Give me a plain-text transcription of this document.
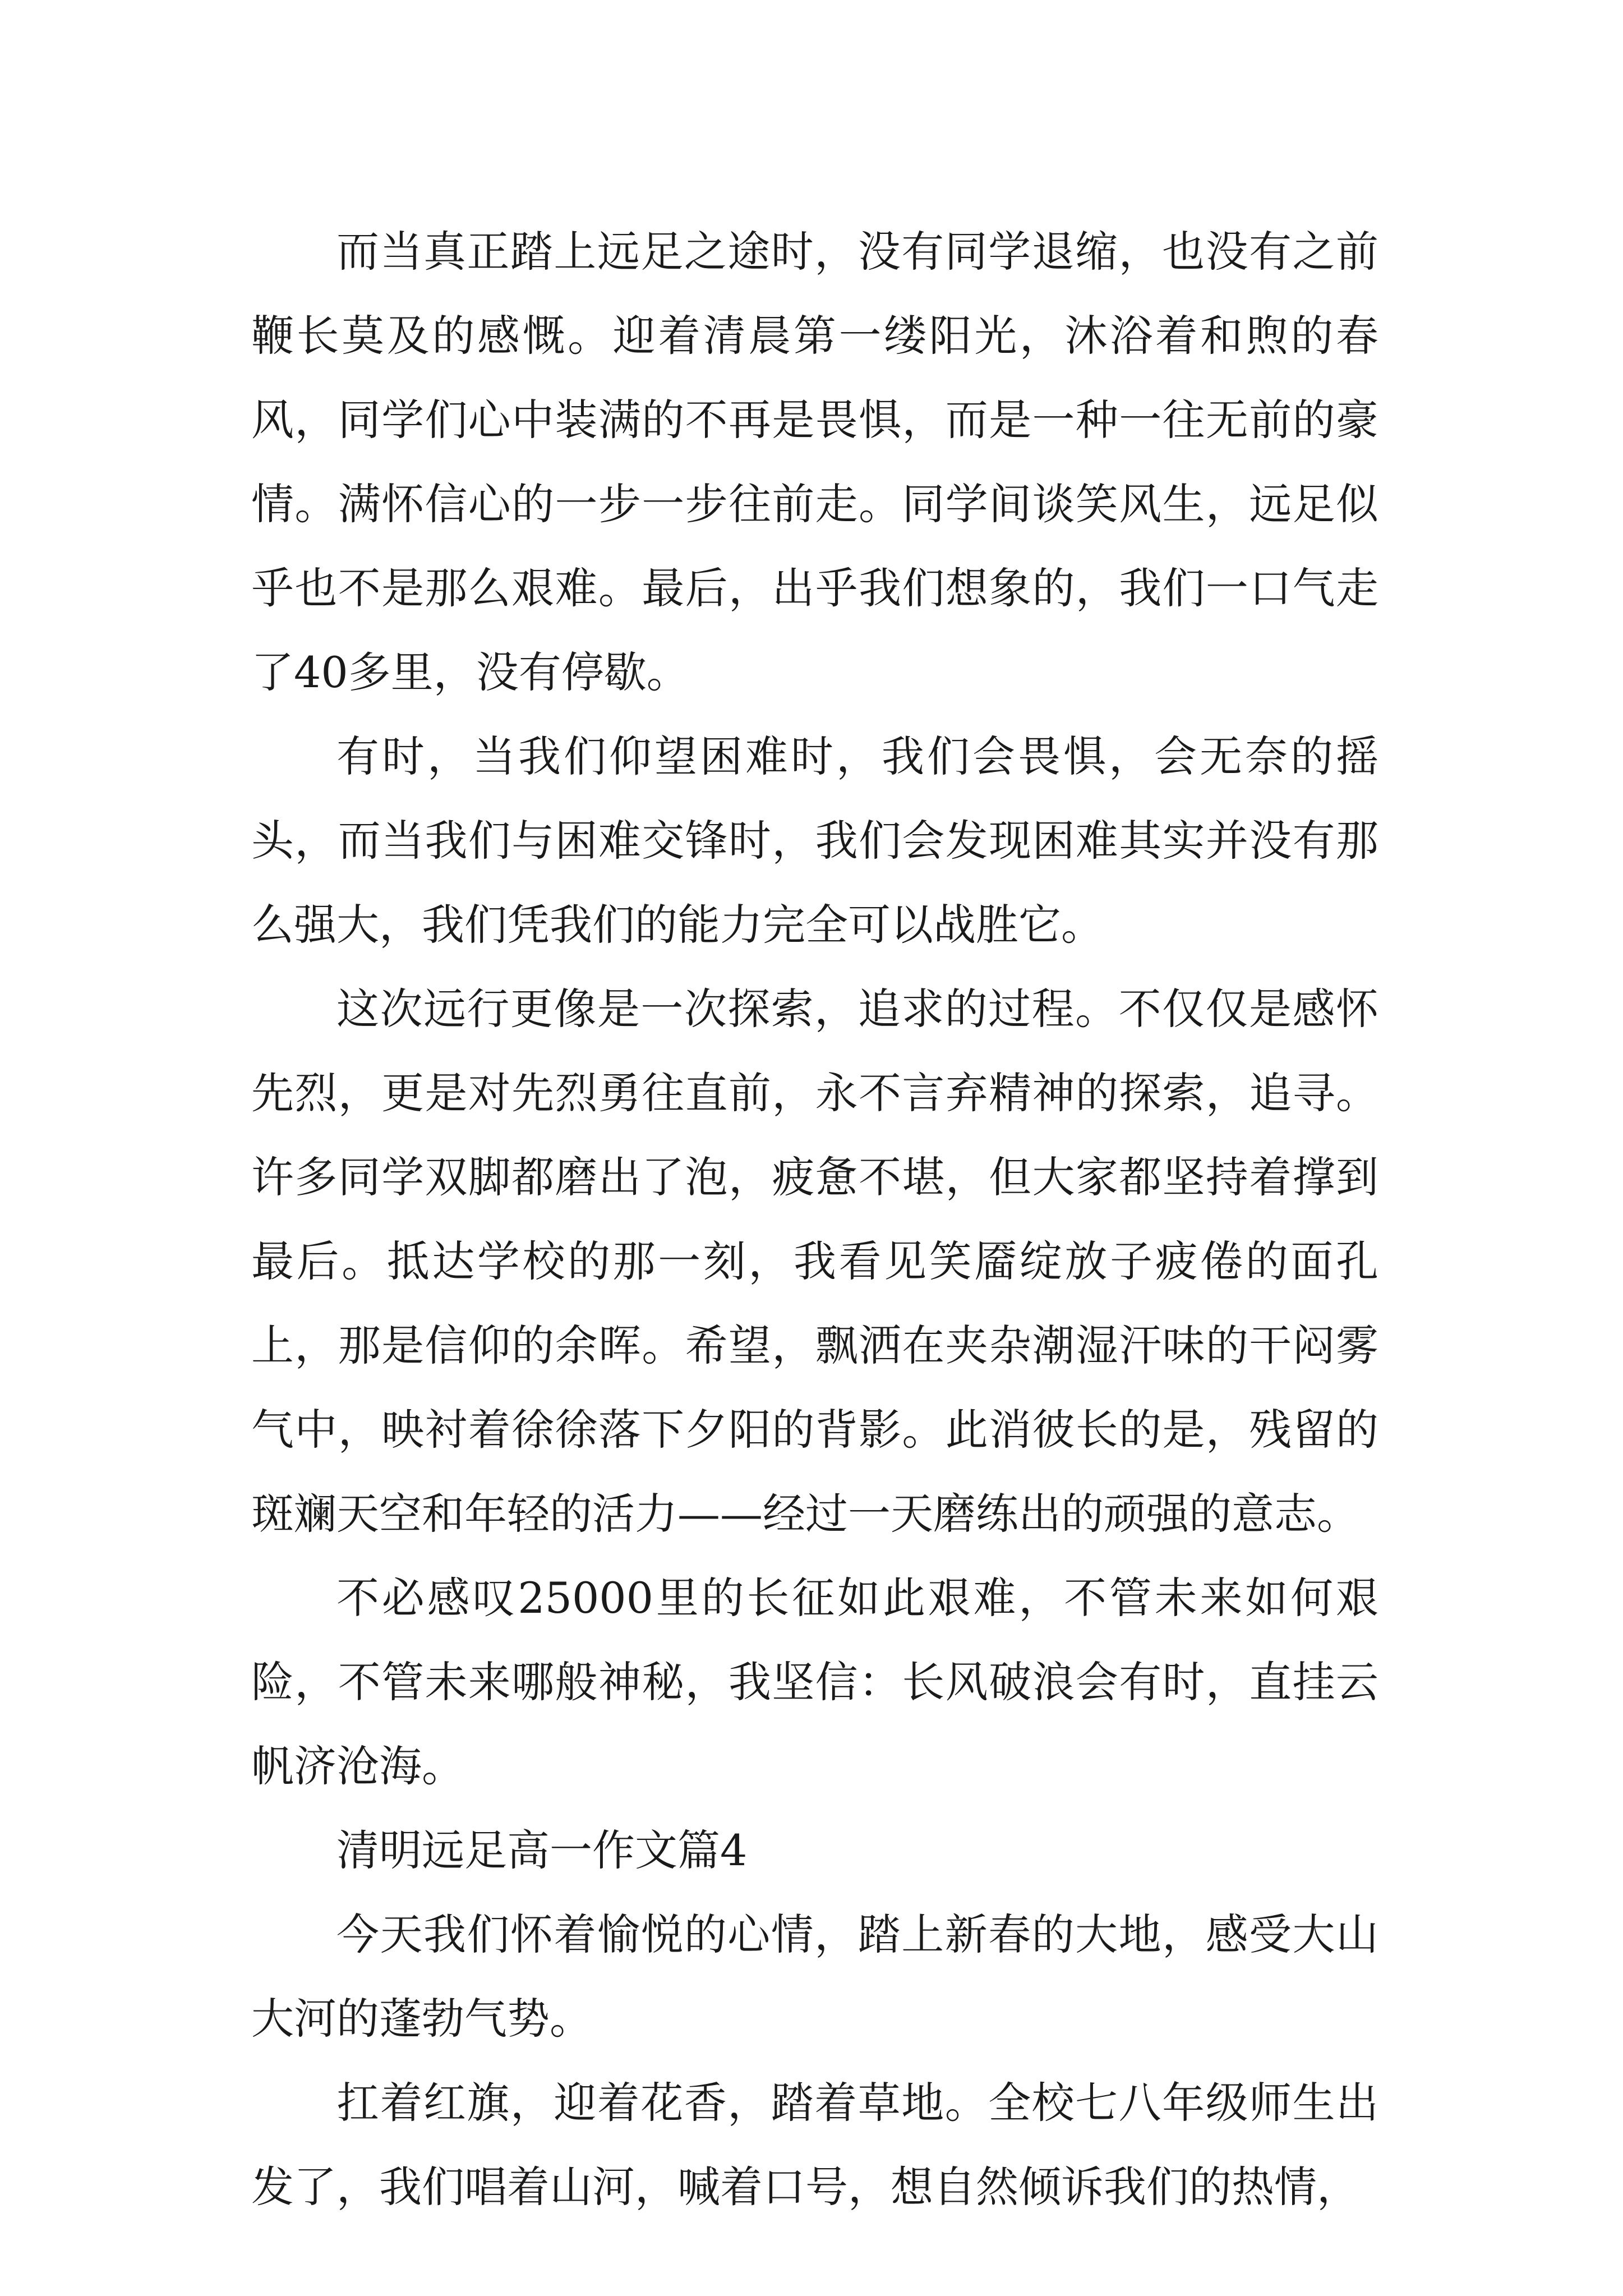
而当真正踏上远足之途时，没有同学退缩，也没有之前鞭长莫及的感慨。迎着清晨第一缕阳光，沐浴着和煦的春风，同学们心中装满的不再是畏惧，而是一种一往无前的豪情。满怀信心的一步一步往前走。同学间谈笑风生，远足似乎也不是那么艰难。最后，出乎我们想象的，我们一口气走了40多里，没有停歇。

有时，当我们仰望困难时，我们会畏惧，会无奈的摇头，而当我们与困难交锋时，我们会发现困难其实并没有那么强大，我们凭我们的能力完全可以战胜它。

这次远行更像是一次探索，追求的过程。不仅仅是感怀先烈，更是对先烈勇往直前，永不言弃精神的探索，追寻。许多同学双脚都磨出了泡，疲惫不堪，但大家都坚持着撑到最后。抵达学校的那一刻，我看见笑靥绽放子疲倦的面孔上，那是信仰的余晖。希望，飘洒在夹杂潮湿汗味的干闷雾气中，映衬着徐徐落下夕阳的背影。此消彼长的是，残留的斑斓天空和年轻的活力——经过一天磨练出的顽强的意志。

不必感叹25000里的长征如此艰难，不管未来如何艰险，不管未来哪般神秘，我坚信：长风破浪会有时，直挂云帆济沧海。

清明远足高一作文篇4

今天我们怀着愉悦的心情，踏上新春的大地，感受大山大河的蓬勃气势。

扛着红旗，迎着花香，踏着草地。全校七八年级师生出发了，我们唱着山河，喊着口号，想自然倾诉我们的热情，
